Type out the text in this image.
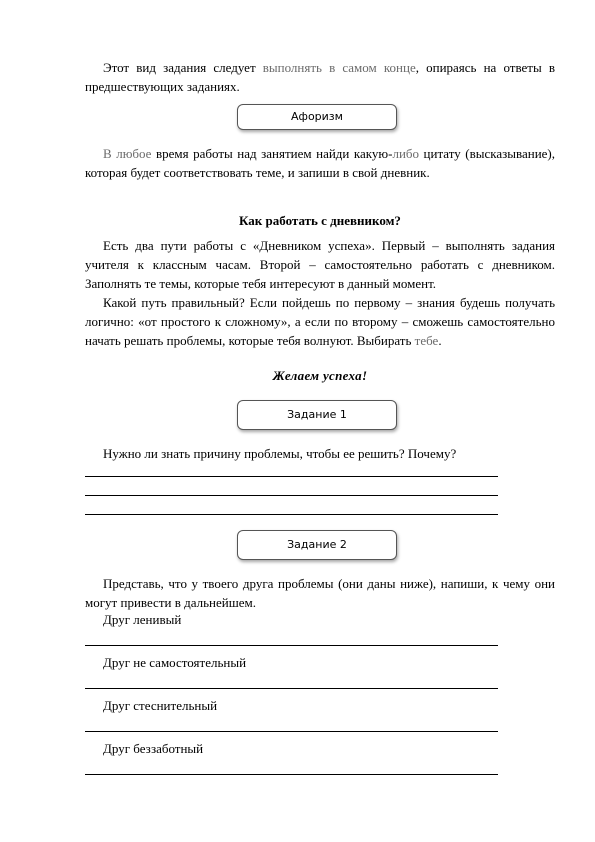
Этот вид задания следует выполнять в самом конце, опираясь на ответы в предшествующих заданиях.
Афоризм
В любое время работы над занятием найди какую-либо цитату (высказывание), которая будет соответствовать теме, и запиши в свой дневник.
Как работать с дневником?
Есть два пути работы с «Дневником успеха». Первый – выполнять задания учителя к классным часам. Второй – самостоятельно работать с дневником. Заполнять те темы, которые тебя интересуют в данный момент.
Какой путь правильный? Если пойдешь по первому – знания будешь получать логично: «от простого к сложному», а если по второму – сможешь самостоятельно начать решать проблемы, которые тебя волнуют. Выбирать тебе.
Желаем успеха!
Задание 1
Нужно ли знать причину проблемы, чтобы ее решить? Почему?
Задание 2
Представь, что у твоего друга проблемы (они даны ниже), напиши, к чему они могут привести в дальнейшем.
Друг ленивый
Друг не самостоятельный
Друг стеснительный
Друг беззаботный
